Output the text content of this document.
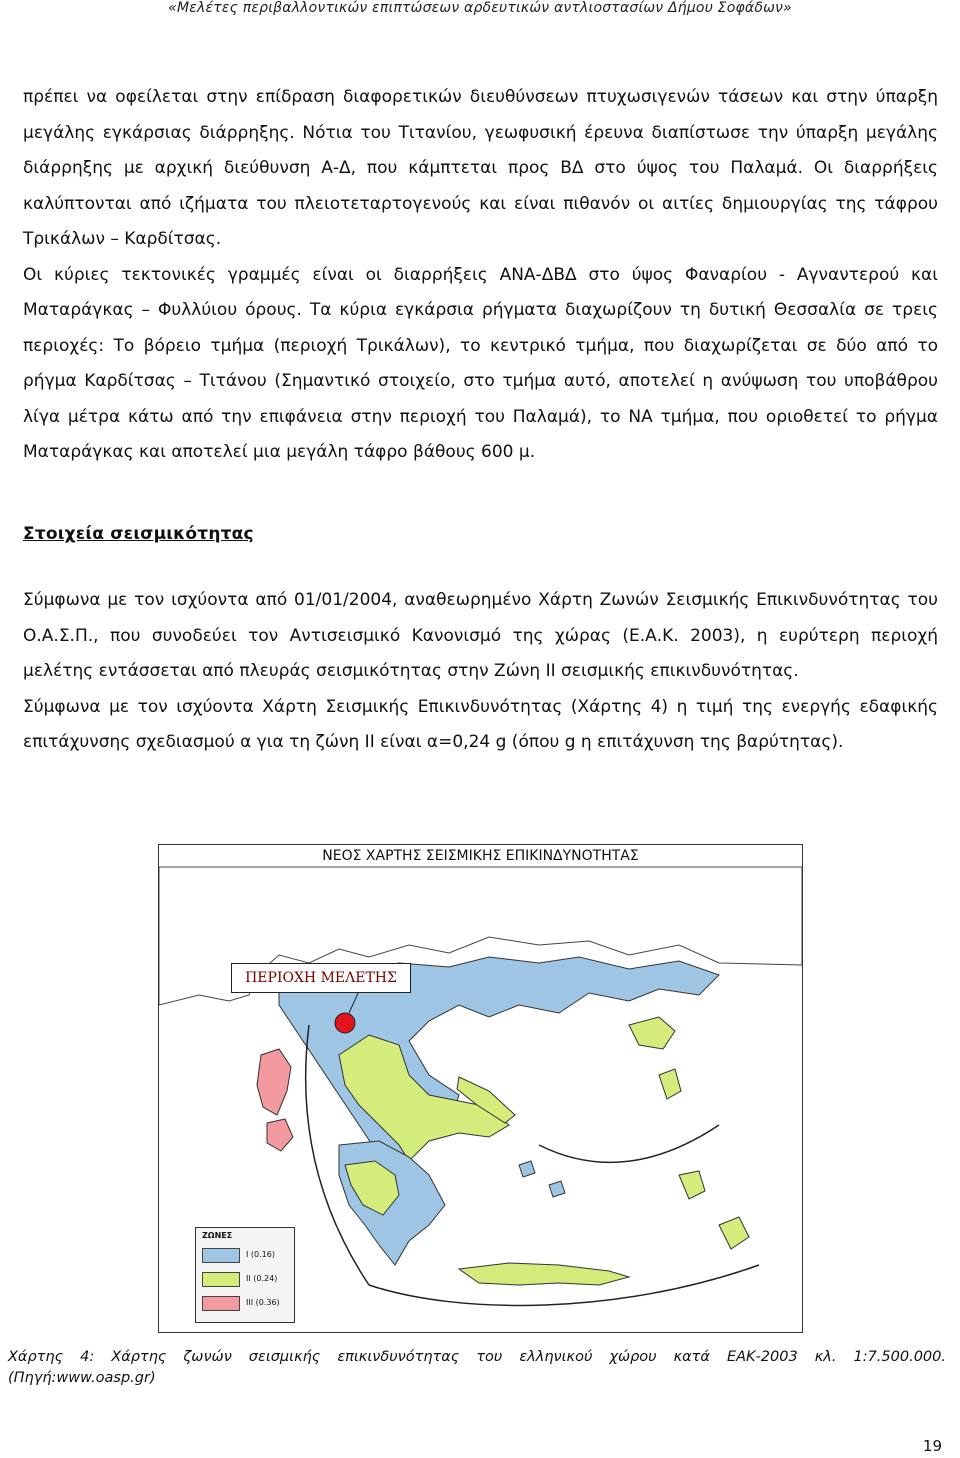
«Μελέτες περιβαλλοντικών επιπτώσεων αρδευτικών αντλιοστασίων Δήμου Σοφάδων»

πρέπει να οφείλεται στην επίδραση διαφορετικών διευθύνσεων πτυχωσιγενών τάσεων και στην ύπαρξη μεγάλης εγκάρσιας διάρρηξης. Νότια του Τιτανίου, γεωφυσική έρευνα διαπίστωσε την ύπαρξη μεγάλης διάρρηξης με αρχική διεύθυνση Α-Δ, που κάμπτεται προς ΒΔ στο ύψος του Παλαμά. Οι διαρρήξεις καλύπτονται από ιζήματα του πλειοτεταρτογενούς και είναι πιθανόν οι αιτίες δημιουργίας της τάφρου Τρικάλων – Καρδίτσας.

Οι κύριες τεκτονικές γραμμές είναι οι διαρρήξεις ΑΝΑ-ΔΒΔ στο ύψος Φαναρίου - Αγναντερού και Ματαράγκας – Φυλλύιου όρους. Τα κύρια εγκάρσια ρήγματα διαχωρίζουν τη δυτική Θεσσαλία σε τρεις περιοχές: Το βόρειο τμήμα (περιοχή Τρικάλων), το κεντρικό τμήμα, που διαχωρίζεται σε δύο από το ρήγμα Καρδίτσας – Τιτάνου (Σημαντικό στοιχείο, στο τμήμα αυτό, αποτελεί η ανύψωση του υποβάθρου λίγα μέτρα κάτω από την επιφάνεια στην περιοχή του Παλαμά), το ΝΑ τμήμα, που οριοθετεί το ρήγμα Ματαράγκας και αποτελεί μια μεγάλη τάφρο βάθους 600 μ.

Στοιχεία σεισμικότητας

Σύμφωνα με τον ισχύοντα από 01/01/2004, αναθεωρημένο Χάρτη Ζωνών Σεισμικής Επικινδυνότητας του Ο.Α.Σ.Π., που συνοδεύει τον Αντισεισμικό Κανονισμό της χώρας (Ε.Α.Κ. 2003), η ευρύτερη περιοχή μελέτης εντάσσεται από πλευράς σεισμικότητας στην Ζώνη ΙΙ σεισμικής επικινδυνότητας.

Σύμφωνα με τον ισχύοντα Χάρτη Σεισμικής Επικινδυνότητας (Χάρτης 4) η τιμή της ενεργής εδαφικής επιτάχυνσης σχεδιασμού α για τη ζώνη ΙΙ είναι α=0,24 g (όπου g η επιτάχυνση της βαρύτητας).

ΝΕΟΣ ΧΑΡΤΗΣ ΣΕΙΣΜΙΚΗΣ ΕΠΙΚΙΝΔΥΝΟΤΗΤΑΣ
ΠΕΡΙΟΧΗ ΜΕΛΕΤΗΣ
ΖΩΝΕΣ
I (0.16)
II (0.24)
III (0.36)

Χάρτης 4: Χάρτης ζωνών σεισμικής επικινδυνότητας του ελληνικού χώρου κατά ΕΑΚ-2003 κλ. 1:7.500.000.

(Πηγή:www.oasp.gr)

19
